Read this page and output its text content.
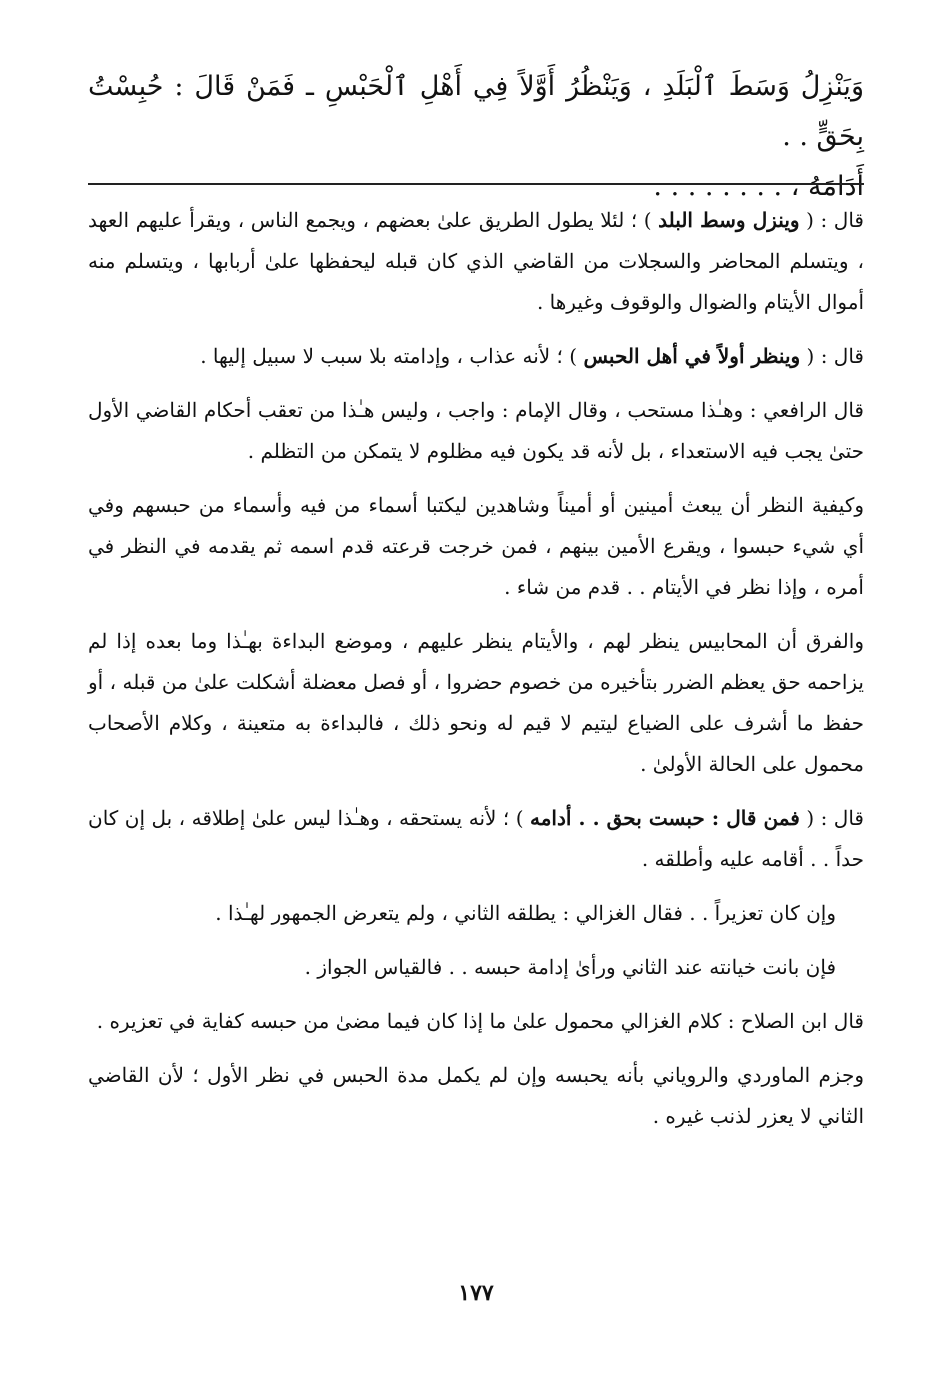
وَيَنْزِلُ وَسَطَ ٱلْبَلَدِ ، وَيَنْظُرُ أَوَّلاً فِي أَهْلِ ٱلْحَبْسِ ـ فَمَنْ قَالَ : حُبِسْتُ بِحَقٍّ . .
أَدَامَهُ ، . . . . . . . .

قال : ( وينزل وسط البلد ) ؛ لئلا يطول الطريق علىٰ بعضهم ، ويجمع الناس ، ويقرأ عليهم العهد ، ويتسلم المحاضر والسجلات من القاضي الذي كان قبله ليحفظها علىٰ أربابها ، ويتسلم منه أموال الأيتام والضوال والوقوف وغيرها .

قال : ( وينظر أولاً في أهل الحبس ) ؛ لأنه عذاب ، وإدامته بلا سبب لا سبيل إليها .

قال الرافعي : وهـٰذا مستحب ، وقال الإمام : واجب ، وليس هـٰذا من تعقب أحكام القاضي الأول حتىٰ يجب فيه الاستعداء ، بل لأنه قد يكون فيه مظلوم لا يتمكن من التظلم .

وكيفية النظر أن يبعث أمينين أو أميناً وشاهدين ليكتبا أسماء من فيه وأسماء من حبسهم وفي أي شيء حبسوا ، ويقرع الأمين بينهم ، فمن خرجت قرعته قدم اسمه ثم يقدمه في النظر في أمره ، وإذا نظر في الأيتام . . قدم من شاء .

والفرق أن المحابيس ينظر لهم ، والأيتام ينظر عليهم ، وموضع البداءة بهـٰذا وما بعده إذا لم يزاحمه حق يعظم الضرر بتأخيره من خصوم حضروا ، أو فصل معضلة أشكلت علىٰ من قبله ، أو حفظ ما أشرف على الضياع ليتيم لا قيم له ونحو ذلك ، فالبداءة به متعينة ، وكلام الأصحاب محمول على الحالة الأولىٰ .

قال : ( فمن قال : حبست بحق . . أدامه ) ؛ لأنه يستحقه ، وهـٰذا ليس علىٰ إطلاقه ، بل إن كان حداً . . أقامه عليه وأطلقه .

وإن كان تعزيراً . . فقال الغزالي : يطلقه الثاني ، ولم يتعرض الجمهور لهـٰذا .

فإن بانت خيانته عند الثاني ورأىٰ إدامة حبسه . . فالقياس الجواز .

قال ابن الصلاح : كلام الغزالي محمول علىٰ ما إذا كان فيما مضىٰ من حبسه كفاية في تعزيره .

وجزم الماوردي والروياني بأنه يحبسه وإن لم يكمل مدة الحبس في نظر الأول ؛ لأن القاضي الثاني لا يعزر لذنب غيره .

١٧٧
